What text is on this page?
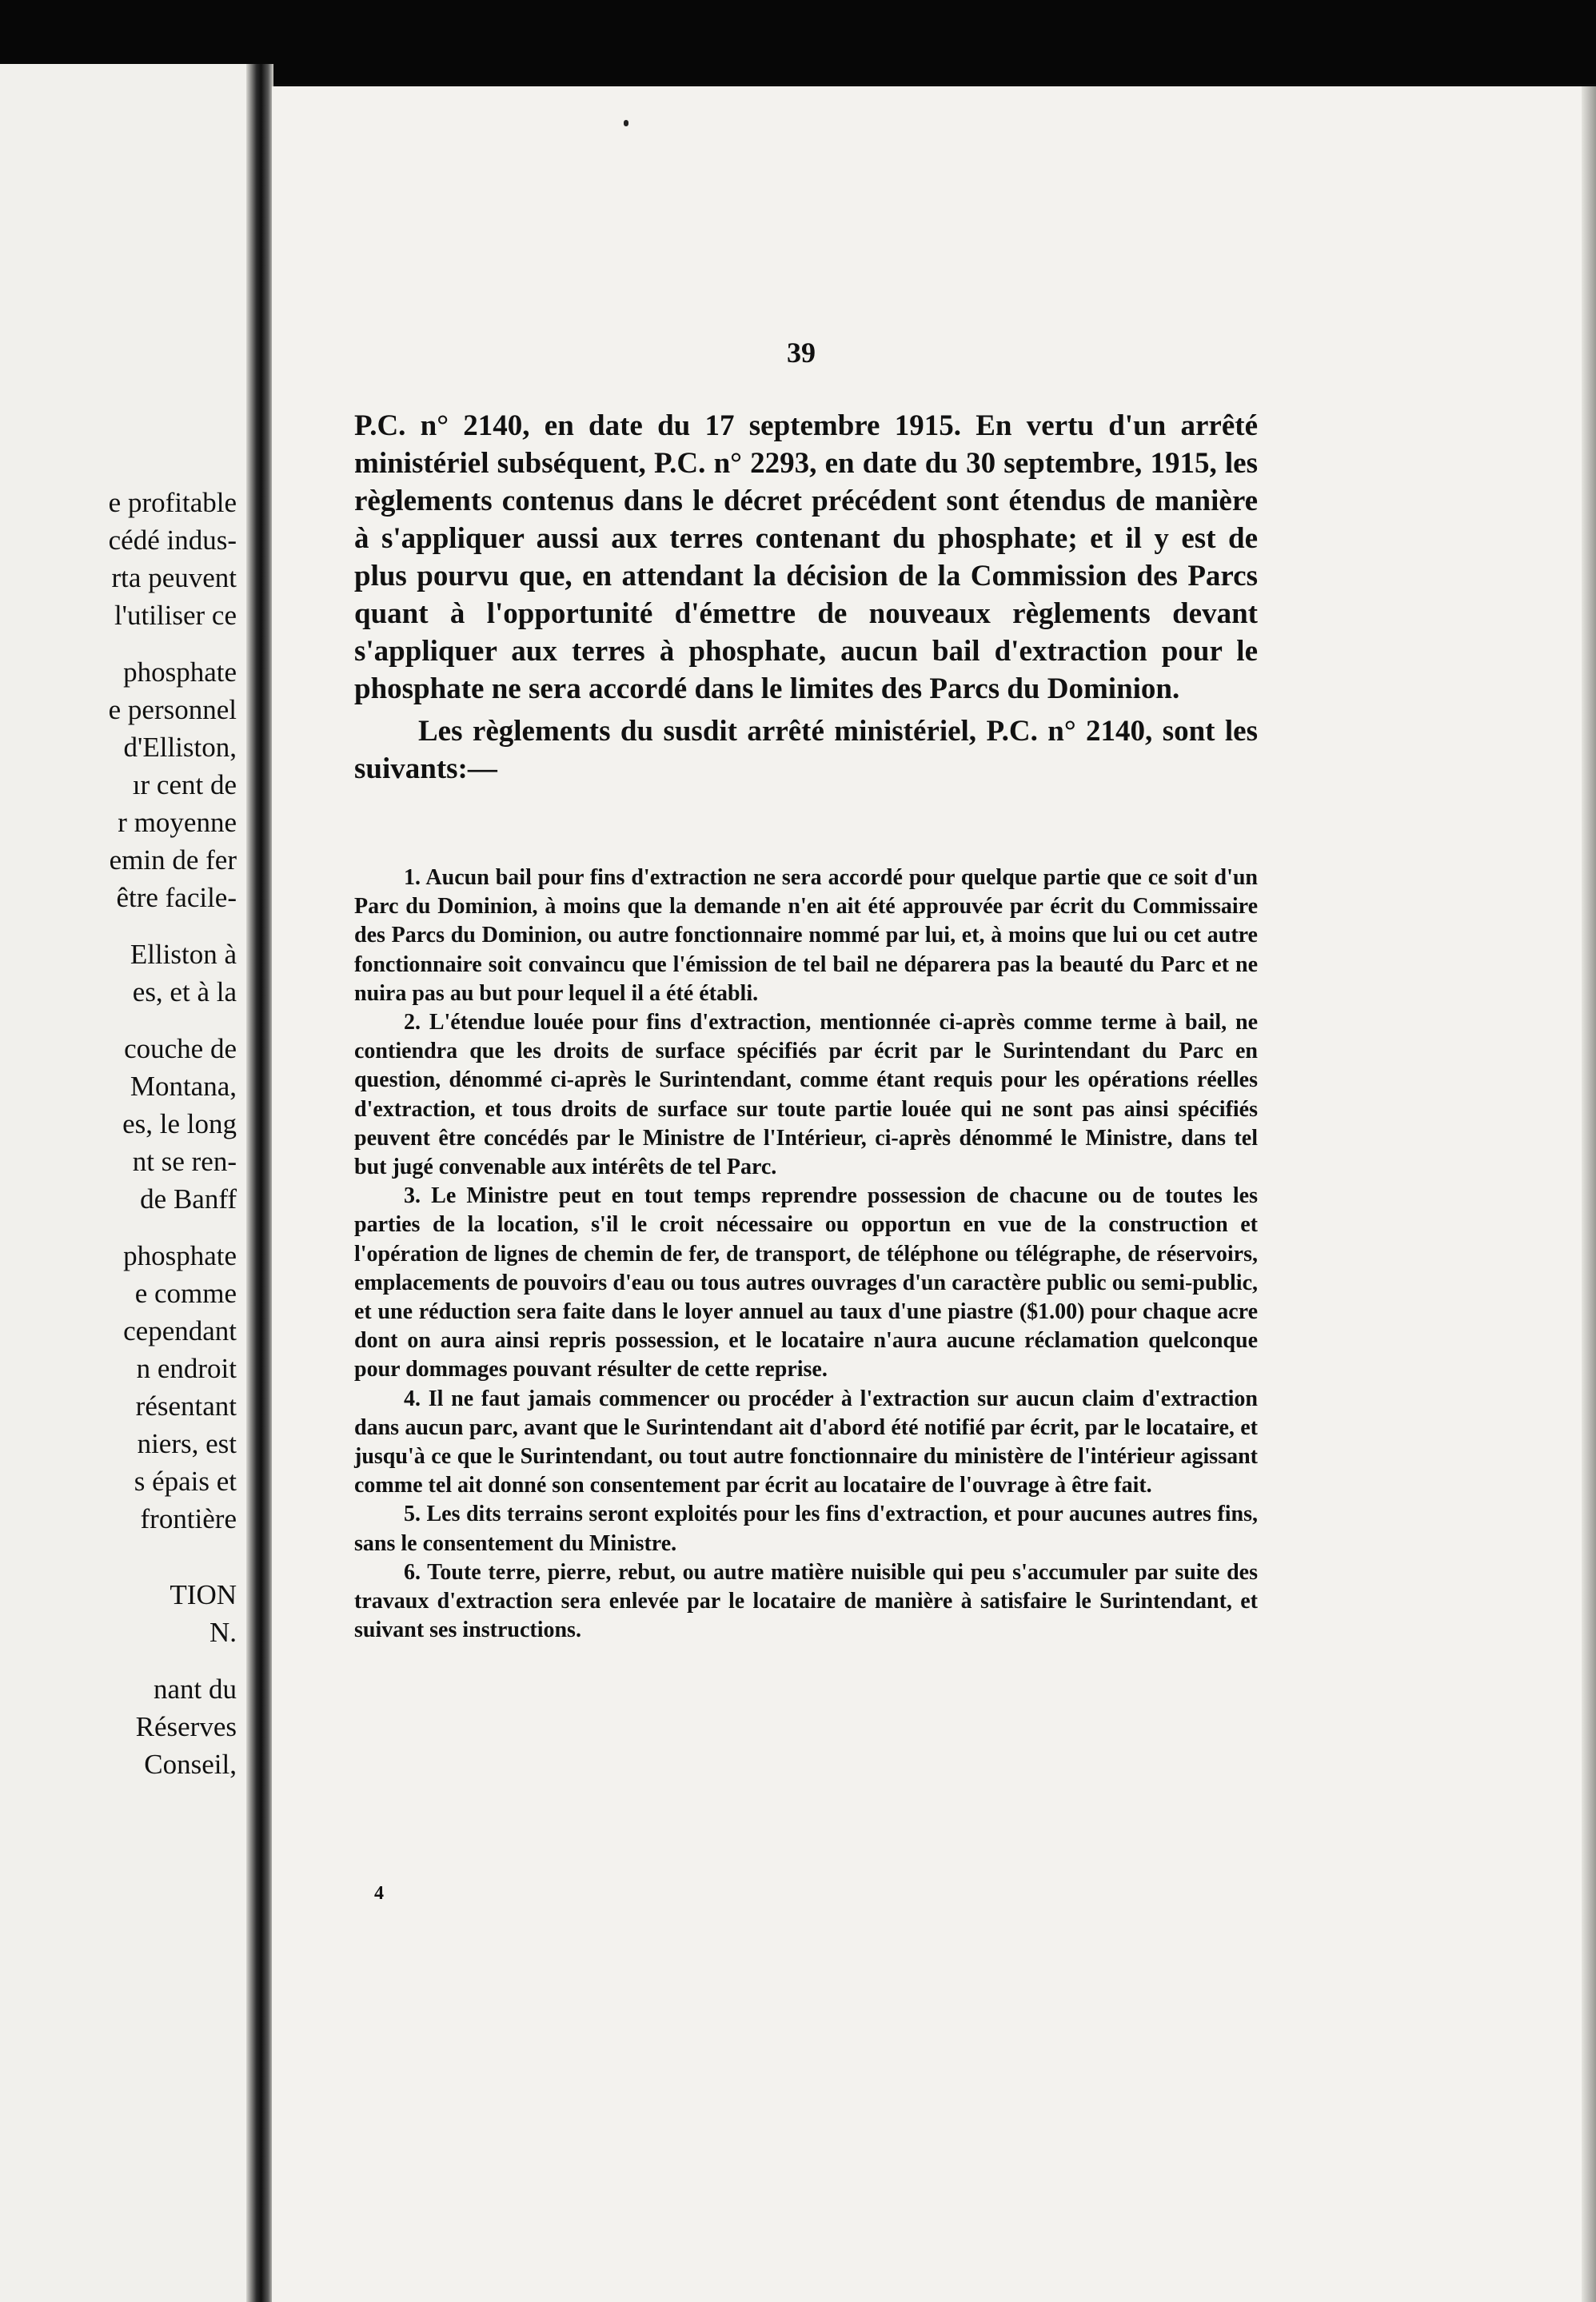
e profitable
cédé indus-
rta peuvent
l'utiliser ce
phosphate
e personnel
d'Elliston,
ır cent de
r moyenne
emin de fer
être facile-
Elliston à
es, et à la
couche de
Montana,
es, le long
nt se ren-
de Banff
phosphate
e comme
cependant
n endroit
résentant
niers, est
s épais et
frontière
TION
N.
nant du
Réserves
Conseil,
39

P.C. n° 2140, en date du 17 septembre 1915. En vertu d'un arrêté ministériel subséquent, P.C. n° 2293, en date du 30 septembre, 1915, les règlements contenus dans le décret précédent sont étendus de manière à s'appliquer aussi aux terres contenant du phosphate; et il y est de plus pourvu que, en attendant la décision de la Commission des Parcs quant à l'opportunité d'émettre de nouveaux règlements devant s'appliquer aux terres à phosphate, aucun bail d'extraction pour le phosphate ne sera accordé dans le limites des Parcs du Dominion.

Les règlements du susdit arrêté ministériel, P.C. n° 2140, sont les suivants:—

1. Aucun bail pour fins d'extraction ne sera accordé pour quelque partie que ce soit d'un Parc du Dominion, à moins que la demande n'en ait été approuvée par écrit du Commissaire des Parcs du Dominion, ou autre fonctionnaire nommé par lui, et, à moins que lui ou cet autre fonctionnaire soit convaincu que l'émission de tel bail ne déparera pas la beauté du Parc et ne nuira pas au but pour lequel il a été établi.

2. L'étendue louée pour fins d'extraction, mentionnée ci-après comme terme à bail, ne contiendra que les droits de surface spécifiés par écrit par le Surintendant du Parc en question, dénommé ci-après le Surintendant, comme étant requis pour les opérations réelles d'extraction, et tous droits de surface sur toute partie louée qui ne sont pas ainsi spécifiés peuvent être concédés par le Ministre de l'Intérieur, ci-après dénommé le Ministre, dans tel but jugé convenable aux intérêts de tel Parc.

3. Le Ministre peut en tout temps reprendre possession de chacune ou de toutes les parties de la location, s'il le croit nécessaire ou opportun en vue de la construction et l'opération de lignes de chemin de fer, de transport, de téléphone ou télégraphe, de réservoirs, emplacements de pouvoirs d'eau ou tous autres ouvrages d'un caractère public ou semi-public, et une réduction sera faite dans le loyer annuel au taux d'une piastre ($1.00) pour chaque acre dont on aura ainsi repris possession, et le locataire n'aura aucune réclamation quelconque pour dommages pouvant résulter de cette reprise.

4. Il ne faut jamais commencer ou procéder à l'extraction sur aucun claim d'extraction dans aucun parc, avant que le Surintendant ait d'abord été notifié par écrit, par le locataire, et jusqu'à ce que le Surintendant, ou tout autre fonctionnaire du ministère de l'intérieur agissant comme tel ait donné son consentement par écrit au locataire de l'ouvrage à être fait.

5. Les dits terrains seront exploités pour les fins d'extraction, et pour aucunes autres fins, sans le consentement du Ministre.

6. Toute terre, pierre, rebut, ou autre matière nuisible qui peu s'accumuler par suite des travaux d'extraction sera enlevée par le locataire de manière à satisfaire le Surintendant, et suivant ses instructions.

4
